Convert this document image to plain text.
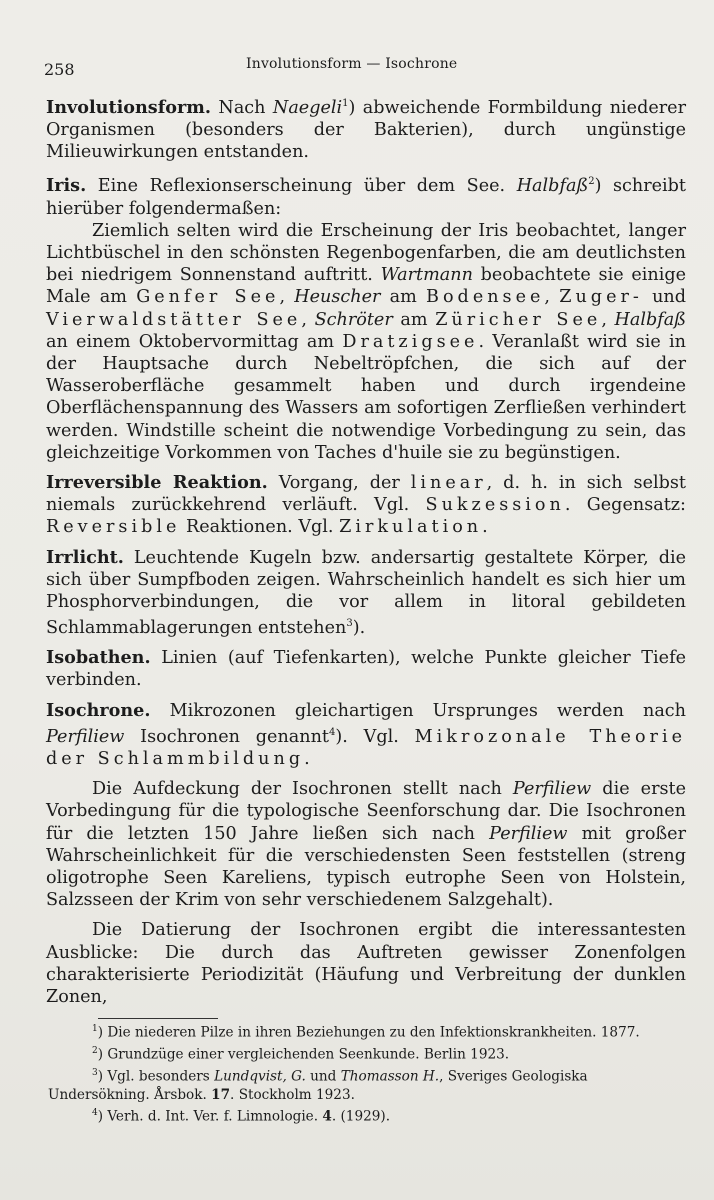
258	Involutionsform — Isochrone

Involutionsform. Nach Naegeli$^1$) abweichende Formbildung niederer Organismen (besonders der Bakterien), durch ungünstige Milieuwirkungen entstanden.

Iris. Eine Reflexionserscheinung über dem See. Halbfaß$^2$) schreibt hierüber folgendermaßen:

Ziemlich selten wird die Erscheinung der Iris beobachtet, langer Lichtbüschel in den schönsten Regenbogenfarben, die am deutlichsten bei niedrigem Sonnenstand auftritt. Wartmann beobachtete sie einige Male am Genfer See, Heuscher am Bodensee, Zuger- und Vierwaldstätter See, Schröter am Züricher See, Halbfaß an einem Oktobervormittag am Dratzigsee. Veranlaßt wird sie in der Hauptsache durch Nebeltröpfchen, die sich auf der Wasseroberfläche gesammelt haben und durch irgendeine Oberflächenspannung des Wassers am sofortigen Zerfließen verhindert werden. Windstille scheint die notwendige Vorbedingung zu sein, das gleichzeitige Vorkommen von Taches d'huile sie zu begünstigen.

Irreversible Reaktion. Vorgang, der linear, d. h. in sich selbst niemals zurückkehrend verläuft. Vgl. Sukzession. Gegensatz: Reversible Reaktionen. Vgl. Zirkulation.

Irrlicht. Leuchtende Kugeln bzw. andersartig gestaltete Körper, die sich über Sumpfboden zeigen. Wahrscheinlich handelt es sich hier um Phosphorverbindungen, die vor allem in litoral gebildeten Schlammablagerungen entstehen$^3$).

Isobathen. Linien (auf Tiefenkarten), welche Punkte gleicher Tiefe verbinden.

Isochrone. Mikrozonen gleichartigen Ursprunges werden nach Perfiliew Isochronen genannt$^4$). Vgl. Mikrozonale Theorie der Schlammbildung.

Die Aufdeckung der Isochronen stellt nach Perfiliew die erste Vorbedingung für die typologische Seenforschung dar. Die Isochronen für die letzten 150 Jahre ließen sich nach Perfiliew mit großer Wahrscheinlichkeit für die verschiedensten Seen feststellen (streng oligotrophe Seen Kareliens, typisch eutrophe Seen von Holstein, Salzsseen der Krim von sehr verschiedenem Salzgehalt).

Die Datierung der Isochronen ergibt die interessantesten Ausblicke: Die durch das Auftreten gewisser Zonenfolgen charakterisierte Periodizität (Häufung und Verbreitung der dunklen Zonen,

$^1$) Die niederen Pilze in ihren Beziehungen zu den Infektionskrankheiten. 1877.
$^2$) Grundzüge einer vergleichenden Seenkunde. Berlin 1923.
$^3$) Vgl. besonders Lundqvist, G. und Thomasson H., Sveriges Geologiska Undersökning. Årsbok. 17. Stockholm 1923.
$^4$) Verh. d. Int. Ver. f. Limnologie. 4. (1929).
